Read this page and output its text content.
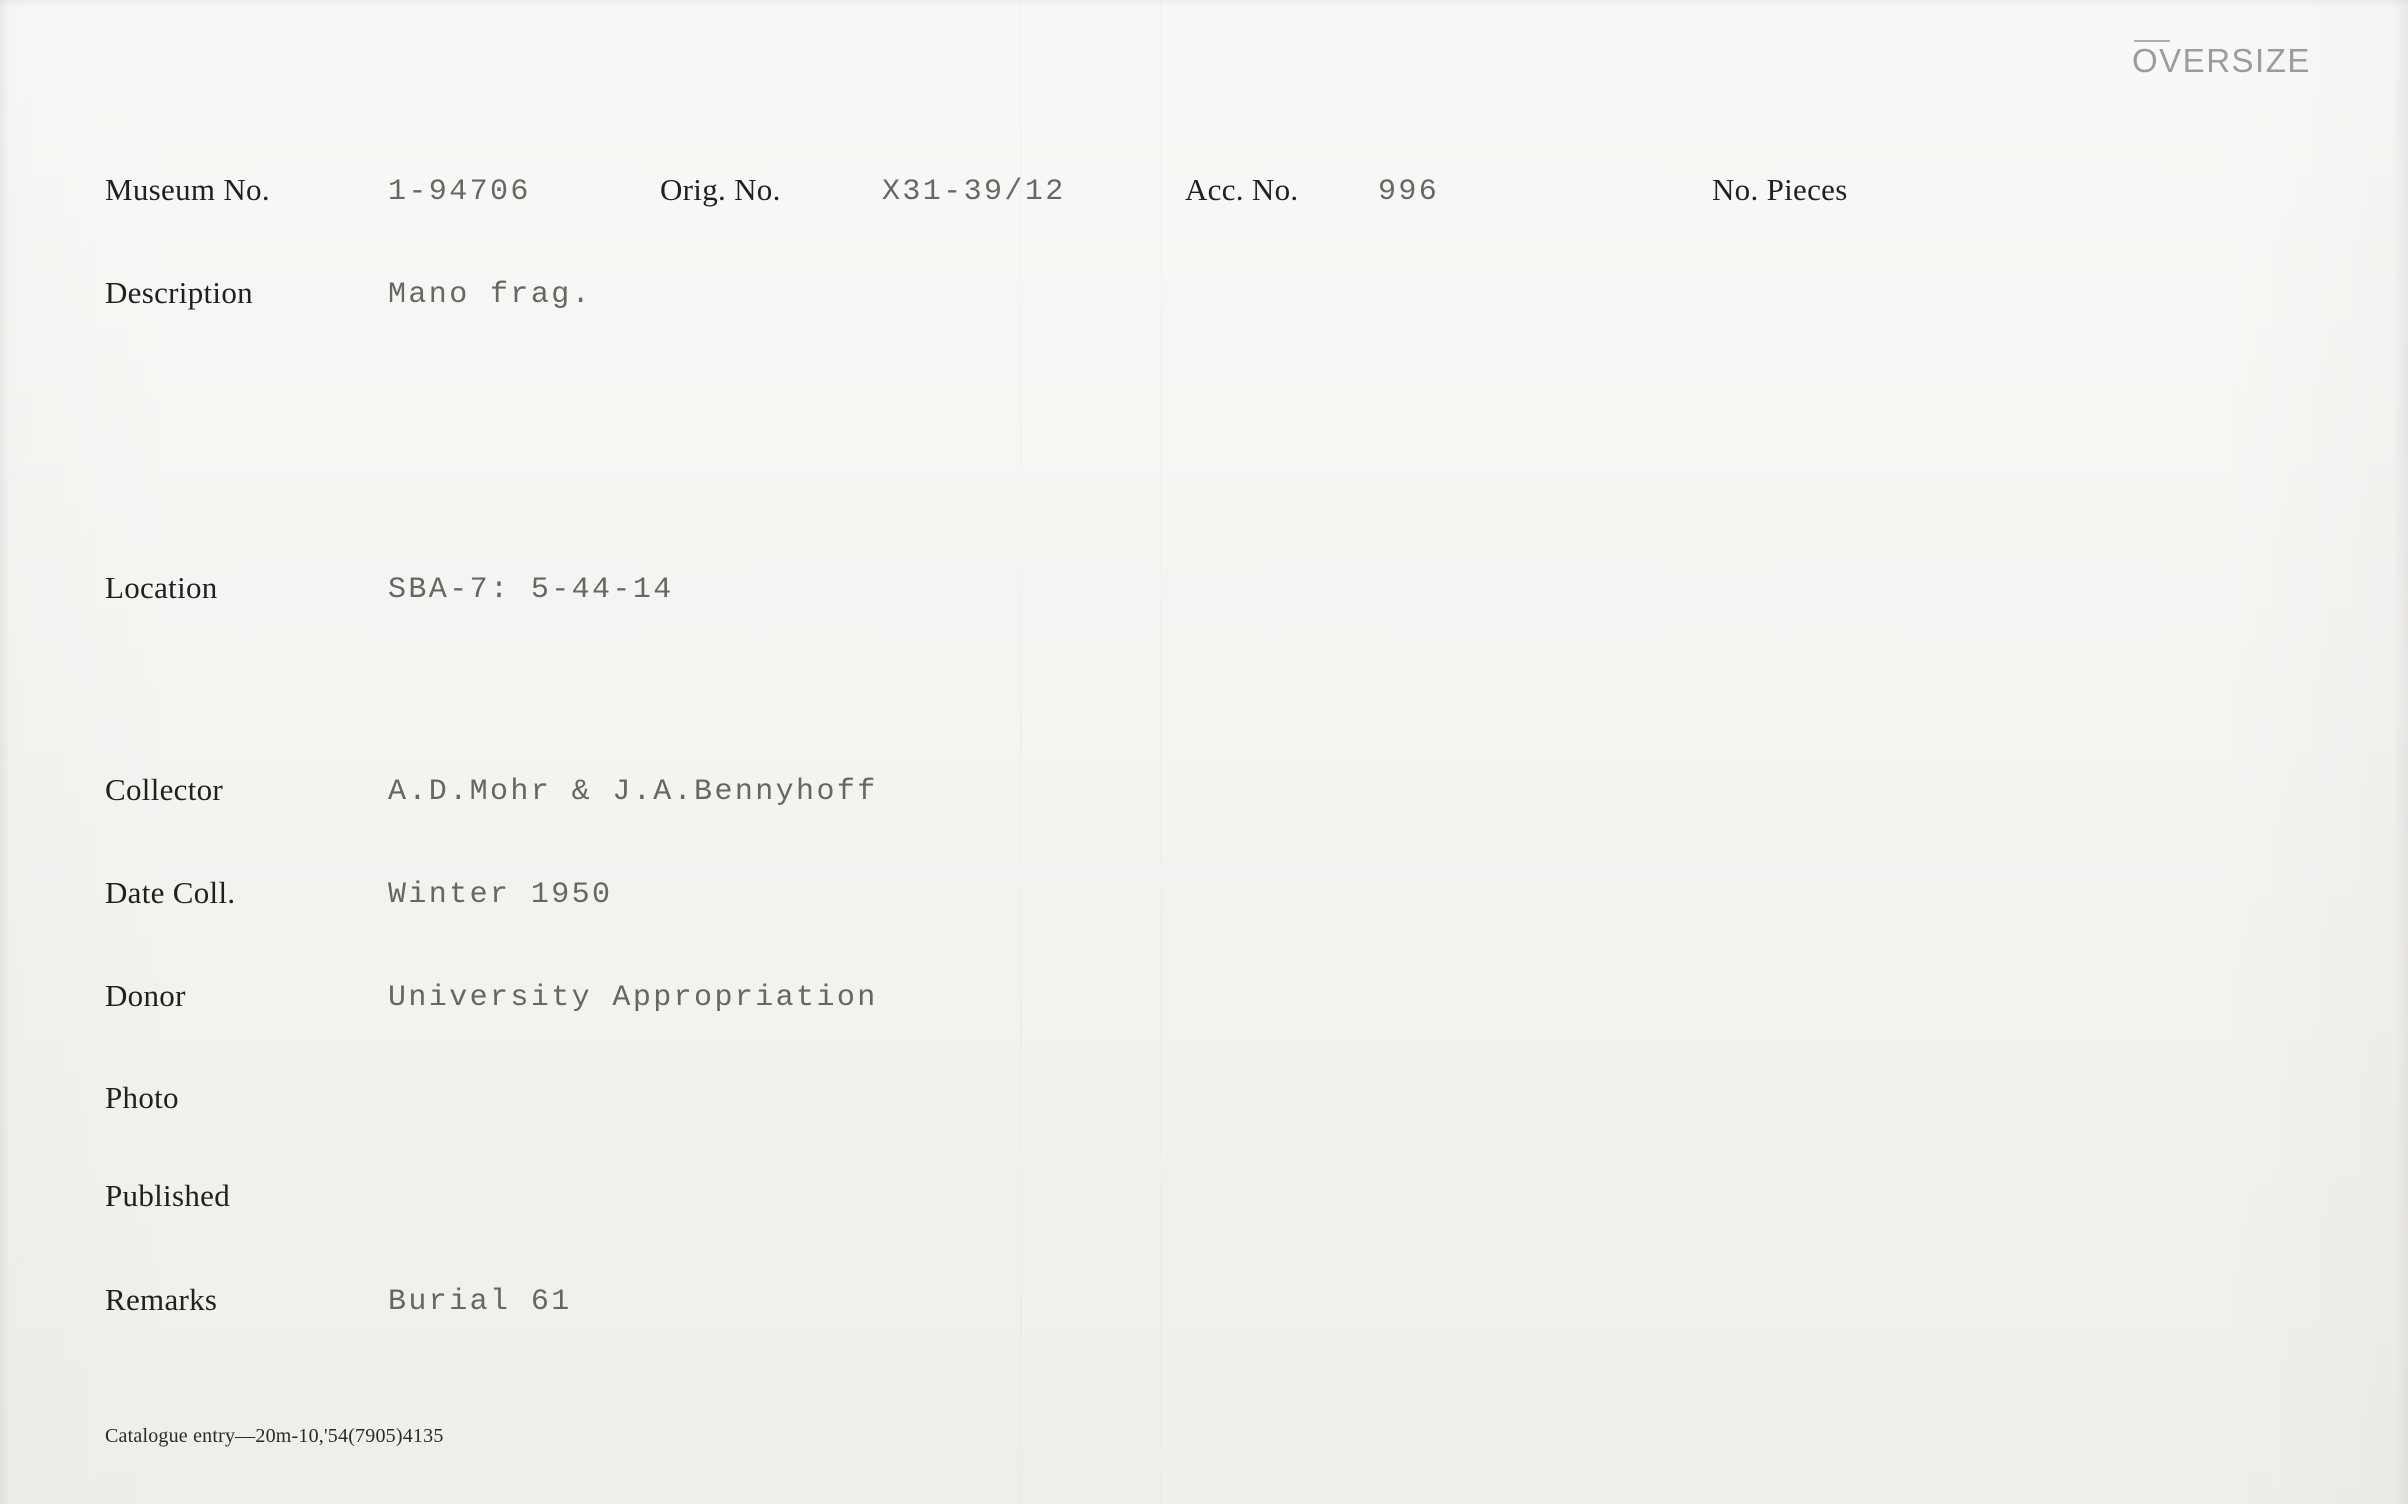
OVERSIZE
Museum No.	1-94706	Orig. No.	X31-39/12	Acc. No.	996	No. Pieces
Description	Mano frag.
Location	SBA-7: 5-44-14
Collector	A.D.Mohr & J.A.Bennyhoff
Date Coll.	Winter 1950
Donor	University Appropriation
Photo
Published
Remarks	Burial 61
Catalogue entry—20m-10,'54(7905)4135
